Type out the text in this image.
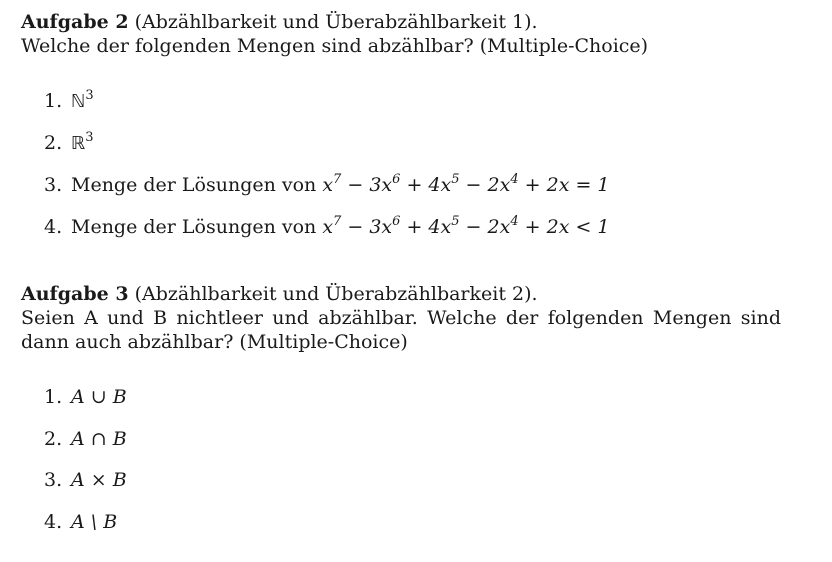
Aufgabe 2 (Abzählbarkeit und Überabzählbarkeit 1).

Welche der folgenden Mengen sind abzählbar? (Multiple-Choice)

1. ℕ$^3$
2. ℝ$^3$
3. Menge der Lösungen von $x^7 - 3x^6 + 4x^5 - 2x^4 + 2x = 1$
4. Menge der Lösungen von $x^7 - 3x^6 + 4x^5 - 2x^4 + 2x < 1$

Aufgabe 3 (Abzählbarkeit und Überabzählbarkeit 2).

Seien A und B nichtleer und abzählbar. Welche der folgenden Mengen sind dann auch abzählbar? (Multiple-Choice)

1. A ∪ B
2. A ∩ B
3. A × B
4. A \ B
